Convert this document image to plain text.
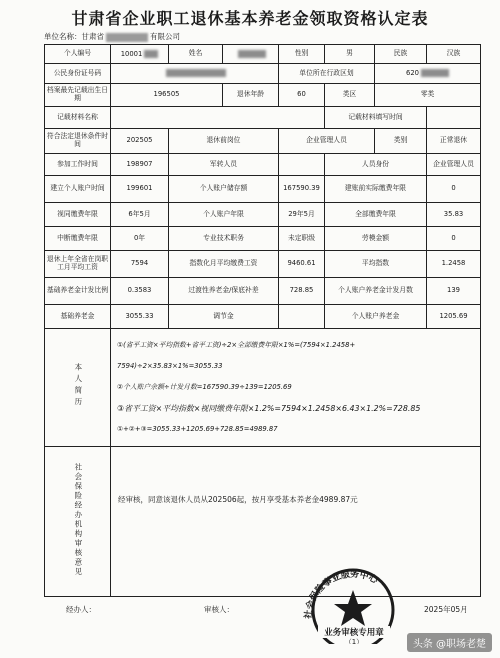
甘肃省企业职工退休基本养老金领取资格认定表
单位名称：甘肃省	有限公司
个人编号	10001	姓名		性别	男	民族	汉族
公民身份证号码				单位所在行政区划		620	
档案最先记载出生日期	196505		退休年龄	60	类区	零类	
记载材料名称					记载材料填写时间		
符合法定退休条件时间	202505	退休前岗位		企业管理人员		类别	正常退休
参加工作时间	198907	军转人员			人员身份		企业管理人员
建立个人账户时间	199601	个人账户储存额		167590.39	建账前实际缴费年限		0
视同缴费年限	6年5月	个人账户年限		29年5月	全部缴费年限		35.83
中断缴费年限	0年	专业技术职务		未定职级	劳模金额		0
退休上年全省在岗职工月平均工资	7594	指数化月平均缴费工资		9460.61	平均指数		1.2458
基础养老金计发比例	0.3583	过渡性养老金/保底补差		728.85	个人账户养老金计发月数		139
基础养老金	3055.33	调节金			个人账户养老金		1205.69
本人简历	①(省平工资×平均指数+省平工资)÷2×全部缴费年限×1%=(7594×1.2458+
7594)÷2×35.83×1%=3055.33
②个人账户余额÷计发月数=167590.39÷139=1205.69
③省平工资×平均指数×视同缴费年限×1.2%=7594×1.2458×6.43×1.2%=728.85
①+②+③=3055.33+1205.69+728.85=4989.87						

社会保险经办机构审核意见								经审核，同意该退休人员从202506起，按月享受基本养老金4989.87元
经办人：	审核人：	2025年05月
社会保险事业服务中心
业务审核专用章
（1）	头条 @职场老楚
